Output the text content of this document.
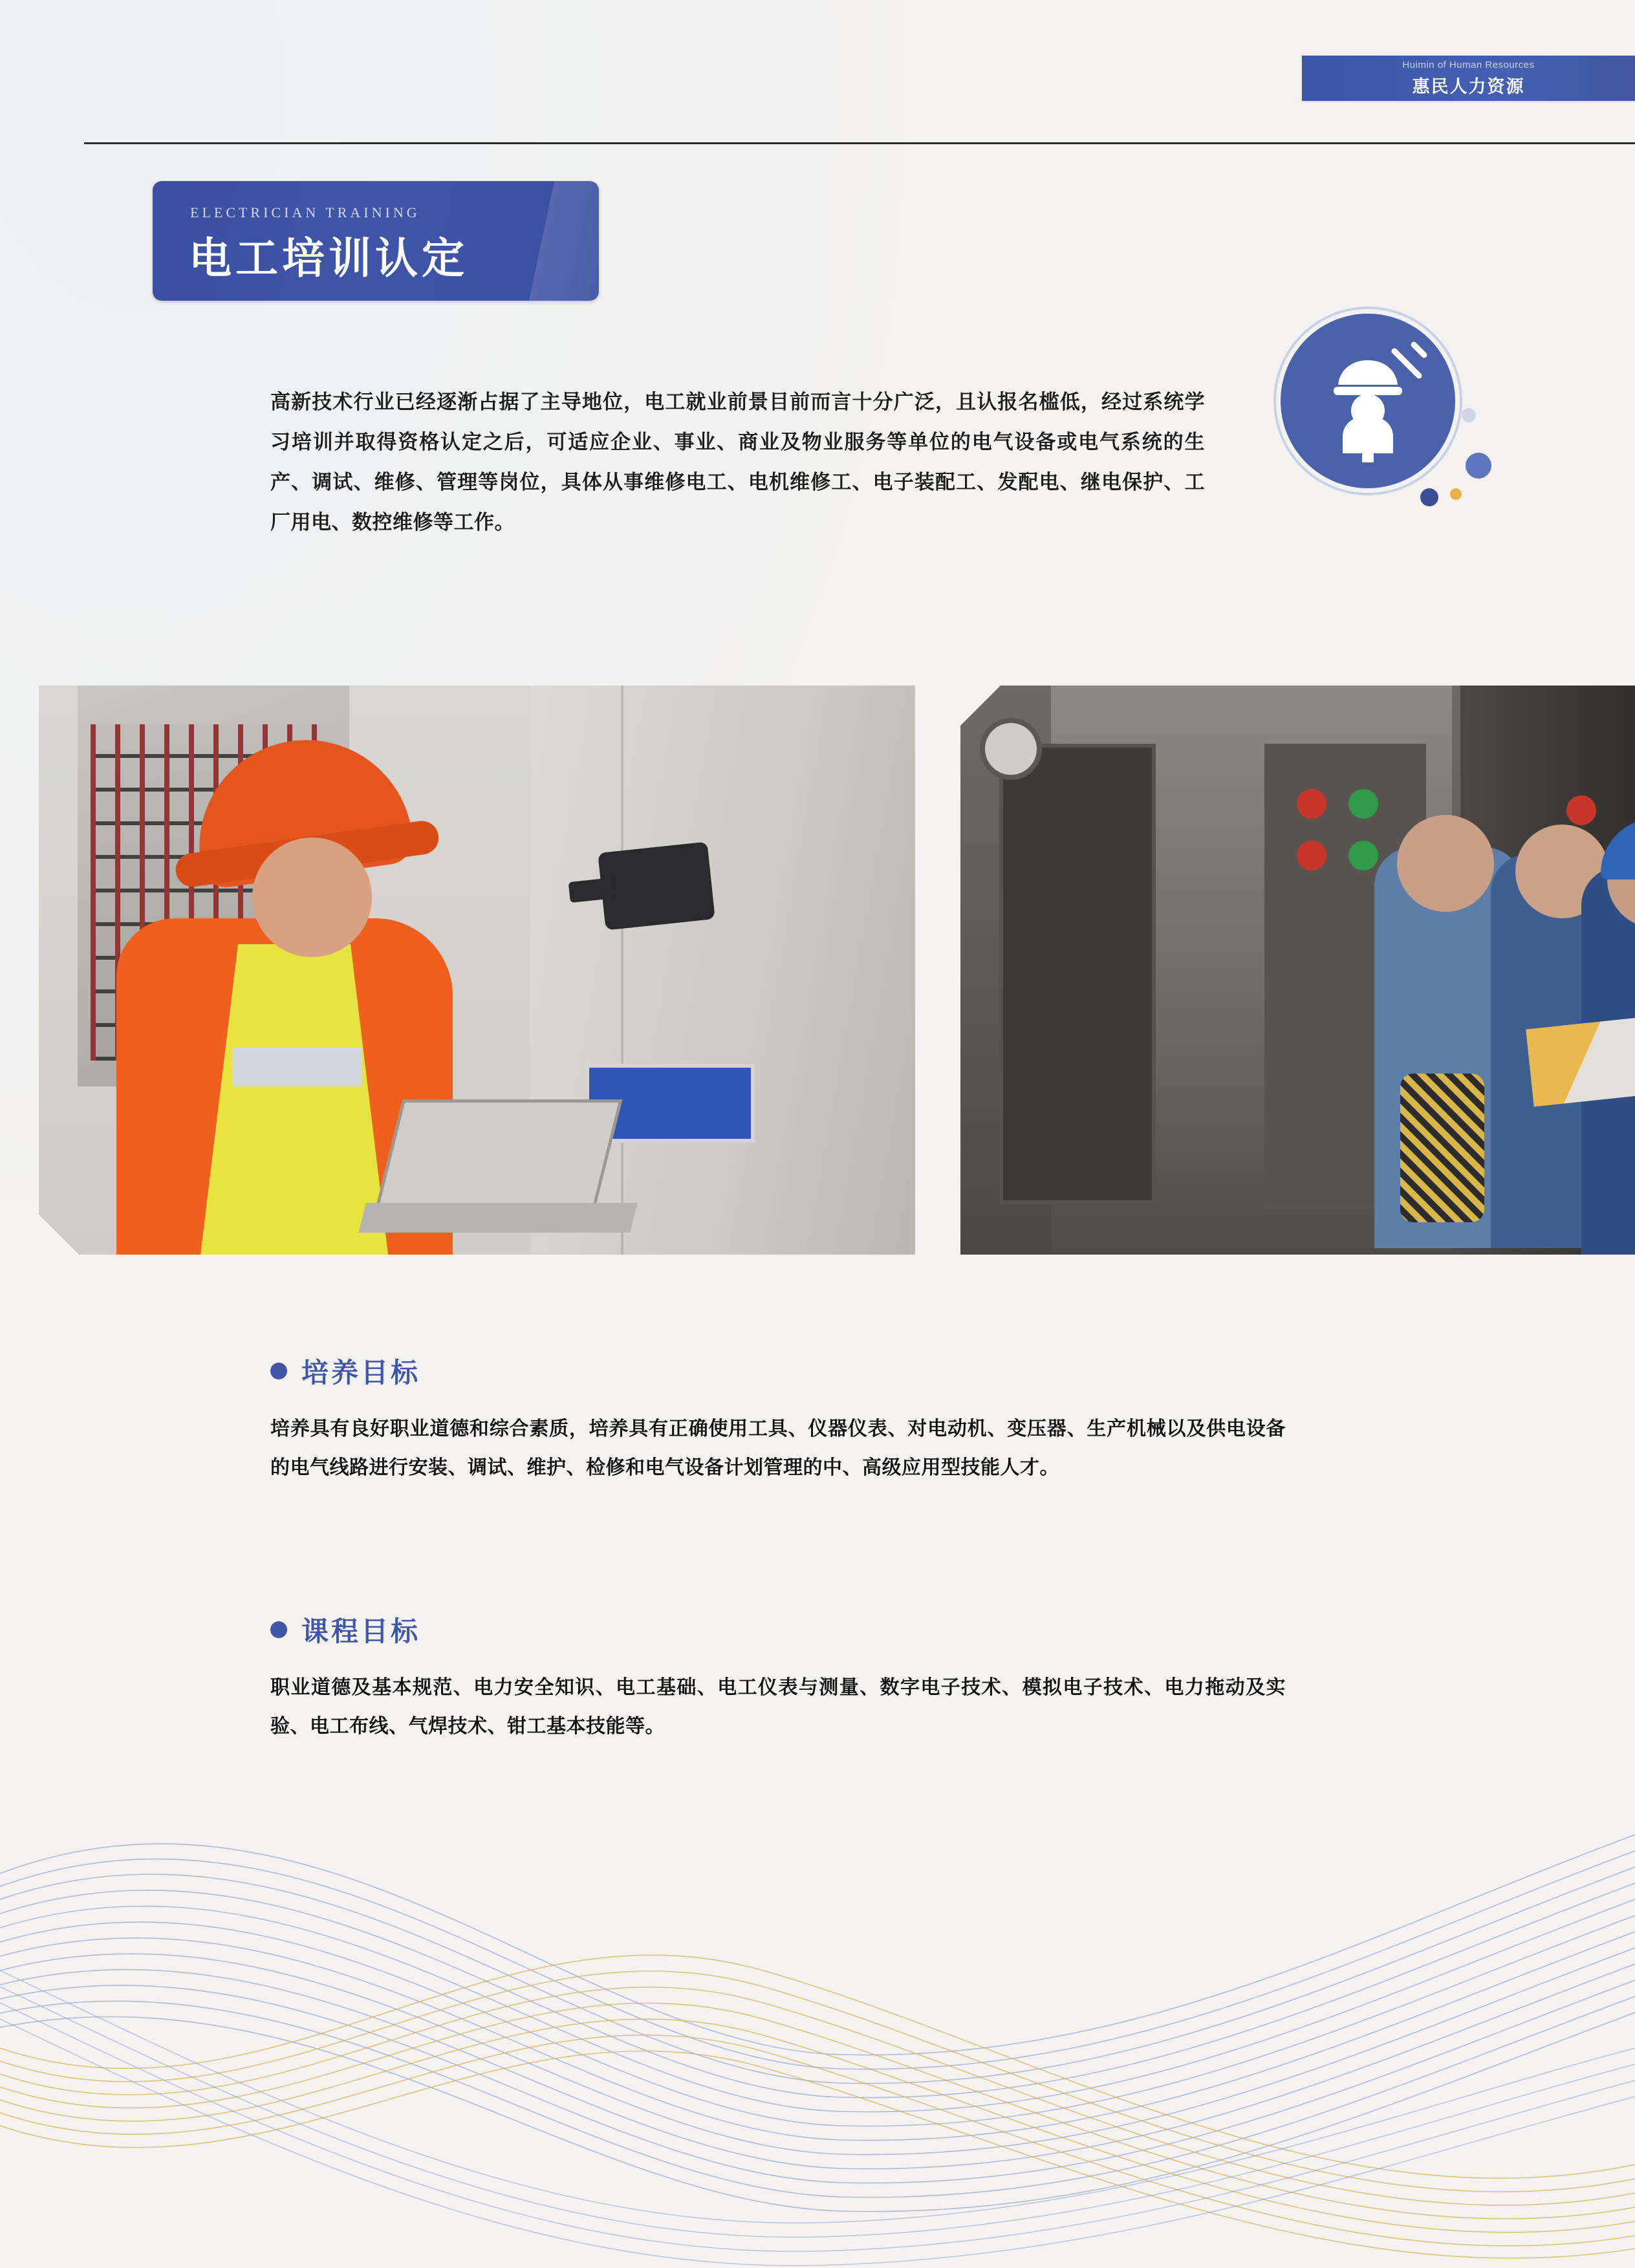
Huimin of Human Resources
惠民人力资源
ELECTRICIAN TRAINING
电工培训认定

高新技术行业已经逐渐占据了主导地位，电工就业前景目前而言十分广泛，且认报名槛低，经过系统学习培训并取得资格认定之后，可适应企业、事业、商业及物业服务等单位的电气设备或电气系统的生产、调试、维修、管理等岗位，具体从事维修电工、电机维修工、电子装配工、发配电、继电保护、工厂用电、数控维修等工作。

培养目标

培养具有良好职业道德和综合素质，培养具有正确使用工具、仪器仪表、对电动机、变压器、生产机械以及供电设备的电气线路进行安装、调试、维护、检修和电气设备计划管理的中、高级应用型技能人才。

课程目标

职业道德及基本规范、电力安全知识、电工基础、电工仪表与测量、数字电子技术、模拟电子技术、电力拖动及实验、电工布线、气焊技术、钳工基本技能等。
